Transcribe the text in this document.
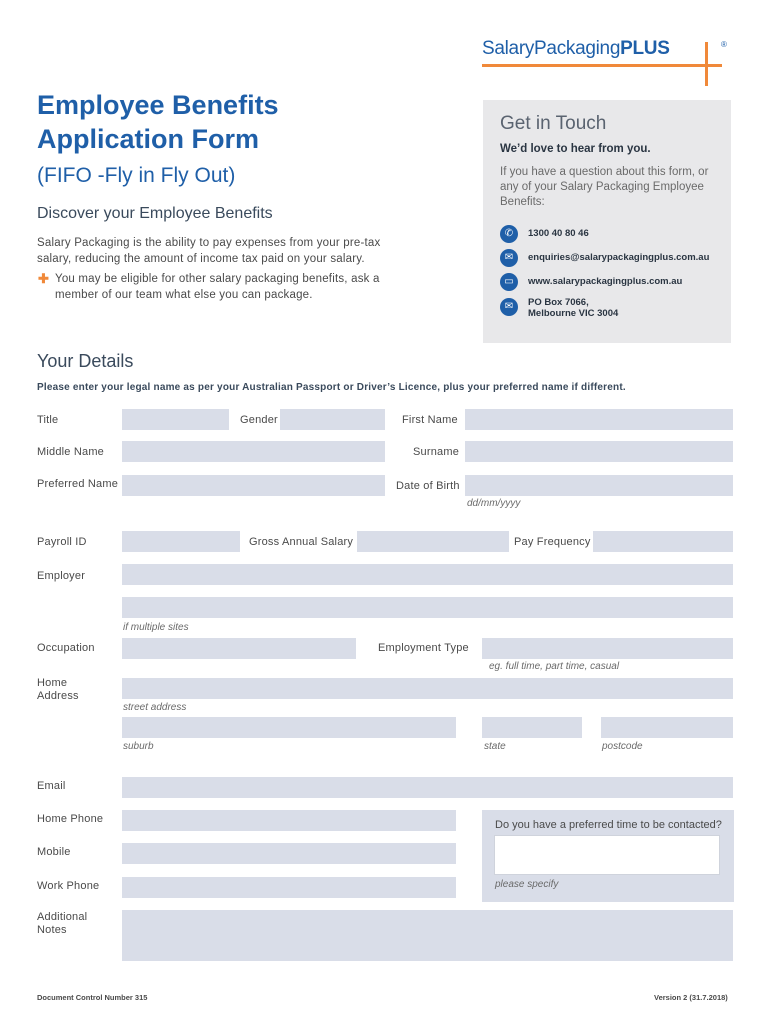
SalaryPackagingPLUS	®
Employee Benefits
Application Form
(FIFO -Fly in Fly Out)
Discover your Employee Benefits
Salary Packaging is the ability to pay expenses from your pre-tax salary, reducing the amount of income tax paid on your salary.
✚ You may be eligible for other salary packaging benefits, ask a
member of our team what else you can package.
Get in Touch
We’d love to hear from you.
If you have a question about this form, or any of your Salary Packaging Employee Benefits:
✆	1300 40 80 46
✉	enquiries@salarypackagingplus.com.au
▭	www.salarypackagingplus.com.au
✉	PO Box 7066,
Melbourne VIC 3004
Your Details
Please enter your legal name as per your Australian Passport or Driver’s Licence, plus your preferred name if different.
Title	Gender	First Name
Middle Name	Surname
Preferred Name	Date of Birth
dd/mm/yyyy
Payroll ID	Gross Annual Salary	Pay Frequency
Employer
if multiple sites
Occupation	Employment Type
eg. full time, part time, casual
Home
Address
street address
suburb	state	postcode
Email
Home Phone
Mobile
Work Phone
Do you have a preferred time to be contacted?
please specify
Additional
Notes
Document Control Number 315	Version 2 (31.7.2018)
